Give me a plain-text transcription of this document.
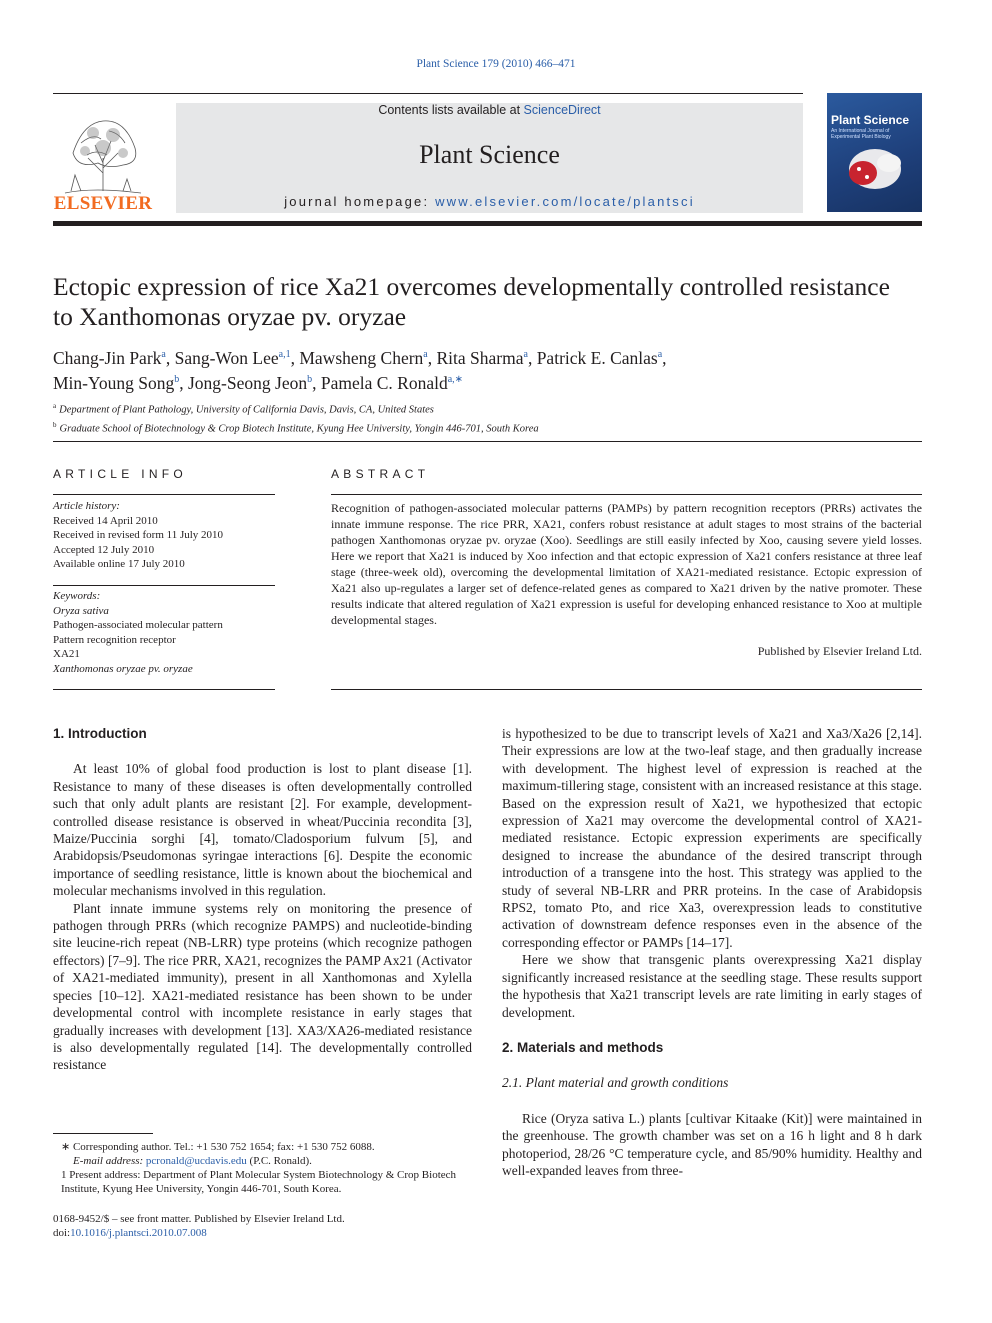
Plant Science 179 (2010) 466–471
ELSEVIER
Contents lists available at ScienceDirect
Plant Science
journal homepage: www.elsevier.com/locate/plantsci
Plant Science
An International Journal of Experimental Plant Biology
Ectopic expression of rice Xa21 overcomes developmentally controlled resistance
to Xanthomonas oryzae pv. oryzae
Chang-Jin Park$^a$, Sang-Won Lee$^{a,1}$, Mawsheng Chern$^a$, Rita Sharma$^a$, Patrick E. Canlas$^a$,
Min-Young Song$^b$, Jong-Seong Jeon$^b$, Pamela C. Ronald$^{a,∗}$
$^a$ Department of Plant Pathology, University of California Davis, Davis, CA, United States
$^b$ Graduate School of Biotechnology & Crop Biotech Institute, Kyung Hee University, Yongin 446-701, South Korea
ARTICLE INFO
Article history:
Received 14 April 2010
Received in revised form 11 July 2010
Accepted 12 July 2010
Available online 17 July 2010
Keywords:
Oryza sativa
Pathogen-associated molecular pattern
Pattern recognition receptor
XA21
Xanthomonas oryzae pv. oryzae
ABSTRACT
Recognition of pathogen-associated molecular patterns (PAMPs) by pattern recognition receptors (PRRs) activates the innate immune response. The rice PRR, XA21, confers robust resistance at adult stages to most strains of the bacterial pathogen Xanthomonas oryzae pv. oryzae (Xoo). Seedlings are still easily infected by Xoo, causing severe yield losses. Here we report that Xa21 is induced by Xoo infection and that ectopic expression of Xa21 confers resistance at three leaf stage (three-week old), overcoming the developmental limitation of XA21-mediated resistance. Ectopic expression of Xa21 also up-regulates a larger set of defence-related genes as compared to Xa21 driven by the native promoter. These results indicate that altered regulation of Xa21 expression is useful for developing enhanced resistance to Xoo at multiple developmental stages.
Published by Elsevier Ireland Ltd.
1. Introduction

At least 10% of global food production is lost to plant disease [1]. Resistance to many of these diseases is often developmentally controlled such that only adult plants are resistant [2]. For example, development-controlled disease resistance is observed in wheat/Puccinia recondita [3], Maize/Puccinia sorghi [4], tomato/Cladosporium fulvum [5], and Arabidopsis/Pseudomonas syringae interactions [6]. Despite the economic importance of seedling resistance, little is known about the biochemical and molecular mechanisms involved in this regulation.

Plant innate immune systems rely on monitoring the presence of pathogen through PRRs (which recognize PAMPS) and nucleotide-binding site leucine-rich repeat (NB-LRR) type proteins (which recognize pathogen effectors) [7–9]. The rice PRR, XA21, recognizes the PAMP Ax21 (Activator of XA21-mediated immunity), present in all Xanthomonas and Xylella species [10–12]. XA21-mediated resistance has been shown to be under developmental control with incomplete resistance in early stages that gradually increases with development [13]. XA3/XA26-mediated resistance is also developmentally regulated [14]. The developmentally controlled resistance

is hypothesized to be due to transcript levels of Xa21 and Xa3/Xa26 [2,14]. Their expressions are low at the two-leaf stage, and then gradually increase with development. The highest level of expression is reached at the maximum-tillering stage, consistent with an increased resistance at this stage. Based on the expression result of Xa21, we hypothesized that ectopic expression of Xa21 may overcome the developmental control of XA21-mediated resistance. Ectopic expression experiments are specifically designed to increase the abundance of the desired transcript through introduction of a transgene into the host. This strategy was applied to the study of several NB-LRR and PRR proteins. In the case of Arabidopsis RPS2, tomato Pto, and rice Xa3, overexpression leads to constitutive activation of downstream defence responses even in the absence of the corresponding effector or PAMPs [14–17].

Here we show that transgenic plants overexpressing Xa21 display significantly increased resistance at the seedling stage. These results support the hypothesis that Xa21 transcript levels are rate limiting in early stages of development.

2. Materials and methods
2.1. Plant material and growth conditions

Rice (Oryza sativa L.) plants [cultivar Kitaake (Kit)] were maintained in the greenhouse. The growth chamber was set on a 16 h light and 8 h dark photoperiod, 28/26 °C temperature cycle, and 85/90% humidity. Healthy and well-expanded leaves from three-

∗ Corresponding author. Tel.: +1 530 752 1654; fax: +1 530 752 6088.
E-mail address: pcronald@ucdavis.edu (P.C. Ronald).
1 Present address: Department of Plant Molecular System Biotechnology & Crop Biotech Institute, Kyung Hee University, Yongin 446-701, South Korea.
0168-9452/$ – see front matter. Published by Elsevier Ireland Ltd.
doi:10.1016/j.plantsci.2010.07.008
